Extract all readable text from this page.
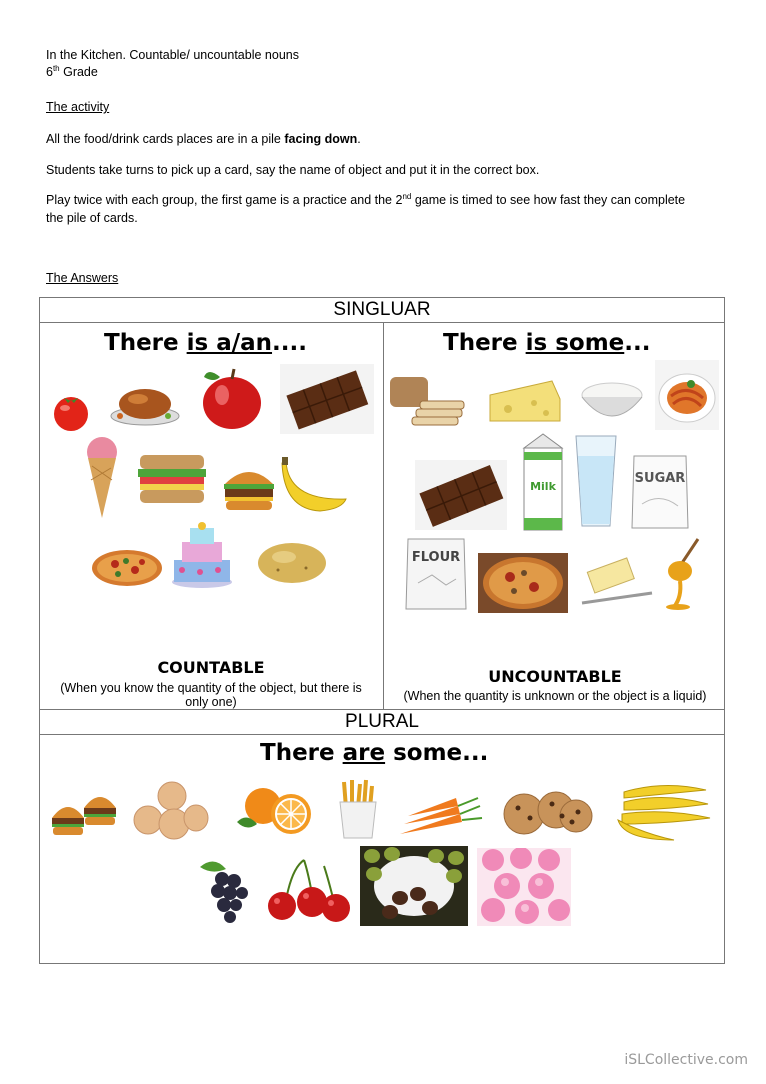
In the Kitchen. Countable/ uncountable nouns

6th Grade

The activity

All the food/drink cards places are in a pile facing down.

Students take turns to pick up a card, say the name of object and put it in the correct box.

Play twice with each group, the first game is a practice and the 2nd game is timed to see how fast they can complete

the pile of cards.

The Answers

SINGLUAR
PLURAL
There is a/an....	There is some...
COUNTABLE
(When you know the quantity of the object, but there is only one)
UNCOUNTABLE
(When the quantity is unknown or the object is a liquid)
There are some...
Milk
SUGAR
FLOUR
iSLCollective.com
